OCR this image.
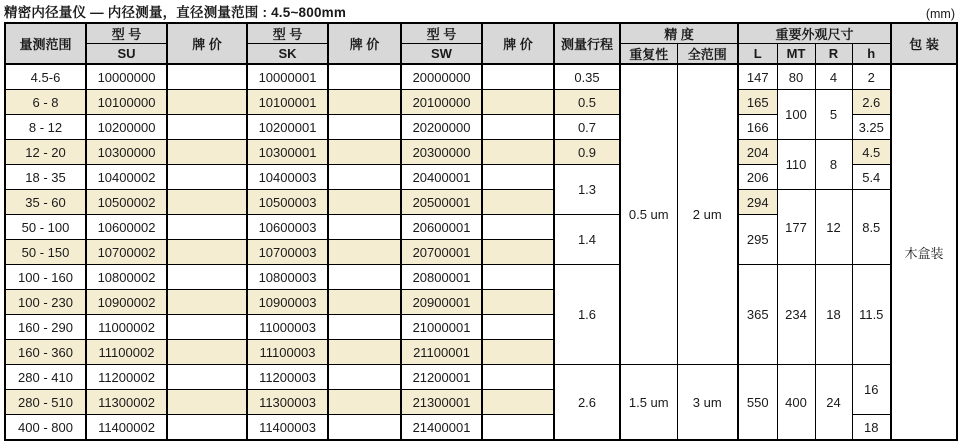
精密内径量仪 — 内径测量，直径测量范围 : 4.5~800mm	(mm)
量测范围	型 号	牌 价	型 号	牌 价	型 号	牌 价	测量行程	精 度		重要外观尺寸				包 装
	SU		SK		SW			重复性	全范围	L	MT	R	h	
4.5-6	10000000		10000001		20000000		0.35	0.5 um	2 um	147	80	4	2	木盒装
6 - 8	10100000		10100001		20100000		0.5			165	100	5	2.6	
8 - 12	10200000		10200001		20200000		0.7			166			3.25	
12 - 20	10300000		10300001		20300000		0.9			204	110	8	4.5	
18 - 35	10400002		10400003		20400001		1.3			206			5.4	
35 - 60	10500002		10500003		20500001					294	177	12	8.5	
50 - 100	10600002		10600003		20600001		1.4			295				
50 - 150	10700002		10700003		20700001									
100 - 160	10800002		10800003		20800001		1.6			365	234	18	11.5	
100 - 230	10900002		10900003		20900001									
160 - 290	11000002		11000003		21000001									
160 - 360	11100002		11100003		21100001									
280 - 410	11200002		11200003		21200001		2.6	1.5 um	3 um	550	400	24	16	
280 - 510	11300002		11300003		21300001									
400 - 800	11400002		11400003		21400001								18	
